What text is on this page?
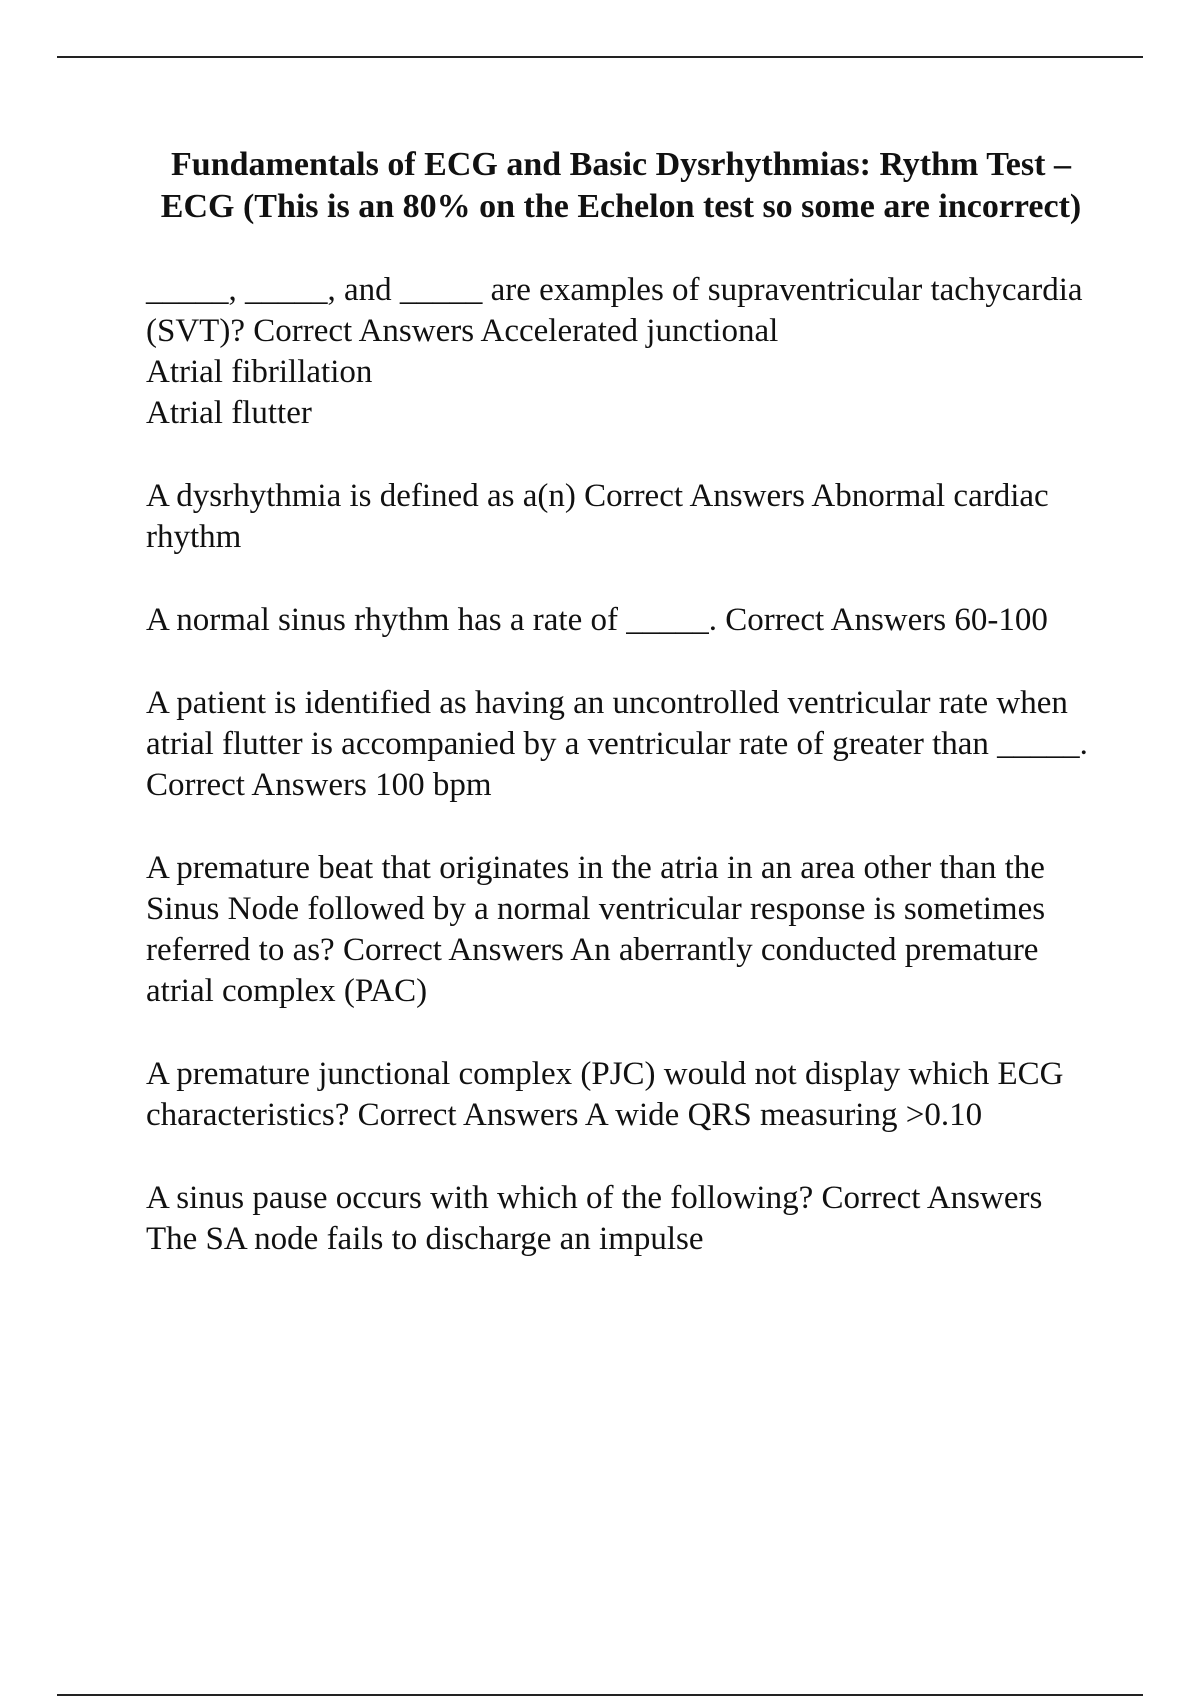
Fundamentals of ECG and Basic Dysrhythmias: Rythm Test – ECG (This is an 80% on the Echelon test so some are incorrect)

_____, _____, and _____ are examples of supraventricular tachycardia (SVT)? Correct Answers Accelerated junctional
Atrial fibrillation
Atrial flutter

A dysrhythmia is defined as a(n) Correct Answers Abnormal cardiac rhythm

A normal sinus rhythm has a rate of _____. Correct Answers 60-100

A patient is identified as having an uncontrolled ventricular rate when atrial flutter is accompanied by a ventricular rate of greater than _____. Correct Answers 100 bpm

A premature beat that originates in the atria in an area other than the Sinus Node followed by a normal ventricular response is sometimes referred to as? Correct Answers An aberrantly conducted premature atrial complex (PAC)

A premature junctional complex (PJC) would not display which ECG characteristics? Correct Answers A wide QRS measuring >0.10

A sinus pause occurs with which of the following? Correct Answers The SA node fails to discharge an impulse
